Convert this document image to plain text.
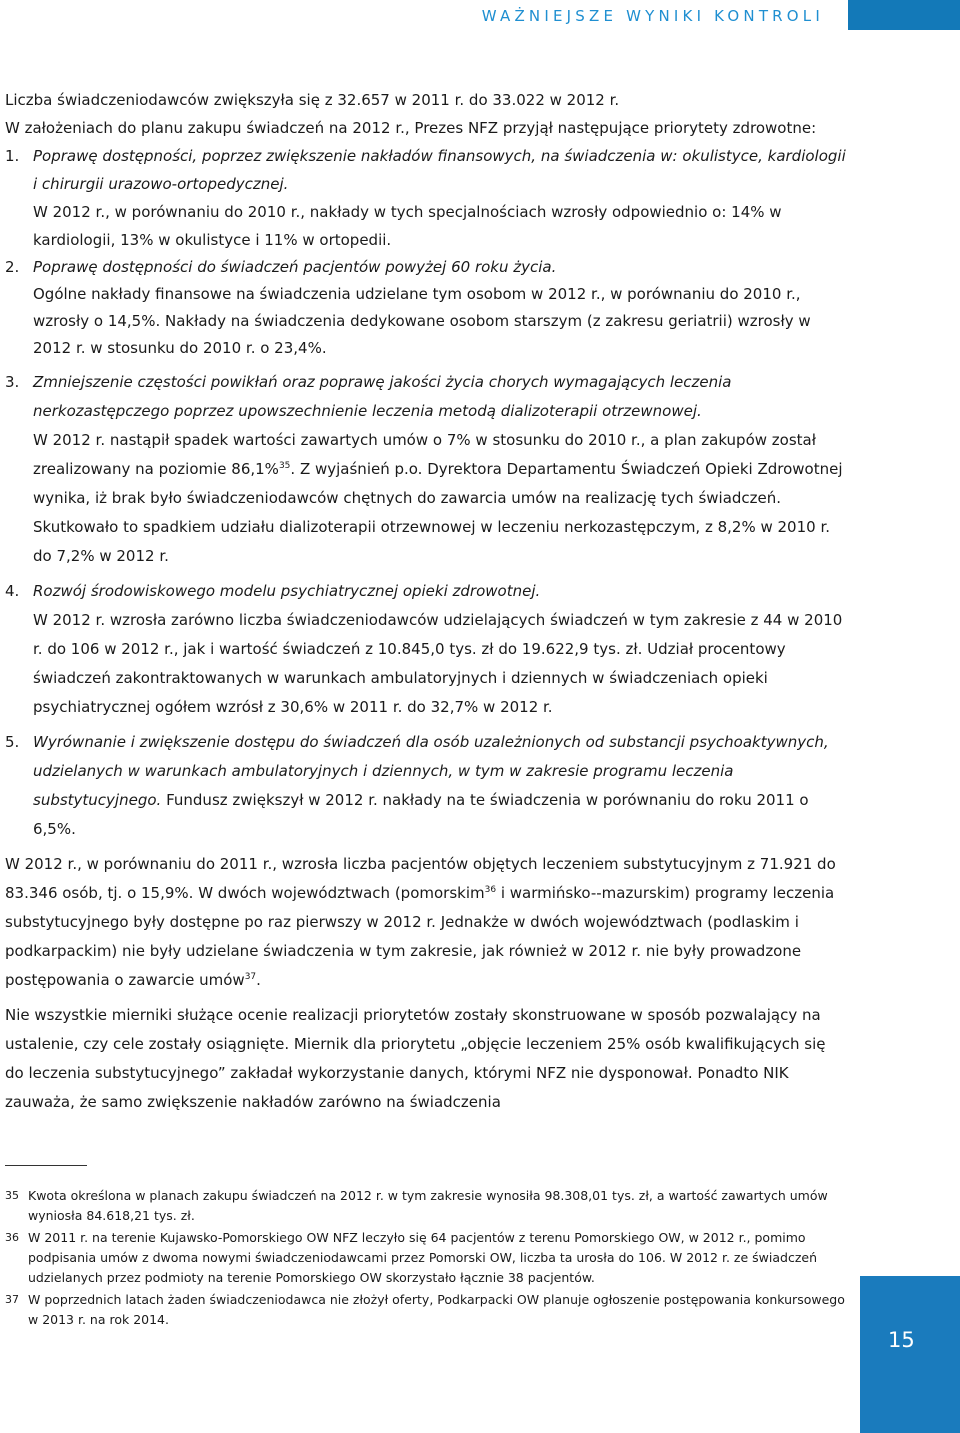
WAŻNIEJSZE WYNIKI KONTROLI

Liczba świadczeniodawców zwiększyła się z 32.657 w 2011 r. do 33.022 w 2012 r.

W założeniach do planu zakupu świadczeń na 2012 r., Prezes NFZ przyjął następujące priorytety zdrowotne:

1. Poprawę dostępności, poprzez zwiększenie nakładów finansowych, na świadczenia w: okulistyce, kardiologii i chirurgii urazowo-ortopedycznej.

W 2012 r., w porównaniu do 2010 r., nakłady w tych specjalnościach wzrosły odpowiednio o: 14% w kardiologii, 13% w okulistyce i 11% w ortopedii.

2. Poprawę dostępności do świadczeń pacjentów powyżej 60 roku życia.

Ogólne nakłady finansowe na świadczenia udzielane tym osobom w 2012 r., w porównaniu do 2010 r., wzrosły o 14,5%. Nakłady na świadczenia dedykowane osobom starszym (z zakresu geriatrii) wzrosły w 2012 r. w stosunku do 2010 r. o 23,4%.

3. Zmniejszenie częstości powikłań oraz poprawę jakości życia chorych wymagających leczenia nerkozastępczego poprzez upowszechnienie leczenia metodą dializoterapii otrzewnowej.

W 2012 r. nastąpił spadek wartości zawartych umów o 7% w stosunku do 2010 r., a plan zakupów został zrealizowany na poziomie 86,1%$^{35}$. Z wyjaśnień p.o. Dyrektora Departamentu Świadczeń Opieki Zdrowotnej wynika, iż brak było świadczeniodawców chętnych do zawarcia umów na realizację tych świadczeń. Skutkowało to spadkiem udziału dializoterapii otrzewnowej w leczeniu nerkozastępczym, z 8,2% w 2010 r. do 7,2% w 2012 r.

4. Rozwój środowiskowego modelu psychiatrycznej opieki zdrowotnej.

W 2012 r. wzrosła zarówno liczba świadczeniodawców udzielających świadczeń w tym zakresie z 44 w 2010 r. do 106 w 2012 r., jak i wartość świadczeń z 10.845,0 tys. zł do 19.622,9 tys. zł. Udział procentowy świadczeń zakontraktowanych w warunkach ambulatoryjnych i dziennych w świadczeniach opieki psychiatrycznej ogółem wzrósł z 30,6% w 2011 r. do 32,7% w 2012 r.

5. Wyrównanie i zwiększenie dostępu do świadczeń dla osób uzależnionych od substancji psychoaktywnych, udzielanych w warunkach ambulatoryjnych i dziennych, w tym w zakresie programu leczenia substytucyjnego. Fundusz zwiększył w 2012 r. nakłady na te świadczenia w porównaniu do roku 2011 o 6,5%.

W 2012 r., w porównaniu do 2011 r., wzrosła liczba pacjentów objętych leczeniem substytucyjnym z 71.921 do 83.346 osób, tj. o 15,9%. W dwóch województwach (pomorskim$^{36}$ i warmińsko--mazurskim) programy leczenia substytucyjnego były dostępne po raz pierwszy w 2012 r. Jednakże w dwóch województwach (podlaskim i podkarpackim) nie były udzielane świadczenia w tym zakresie, jak również w 2012 r. nie były prowadzone postępowania o zawarcie umów$^{37}$.

Nie wszystkie mierniki służące ocenie realizacji priorytetów zostały skonstruowane w sposób pozwalający na ustalenie, czy cele zostały osiągnięte. Miernik dla priorytetu „objęcie leczeniem 25% osób kwalifikujących się do leczenia substytucyjnego” zakładał wykorzystanie danych, którymi NFZ nie dysponował. Ponadto NIK zauważa, że samo zwiększenie nakładów zarówno na świadczenia

35 Kwota określona w planach zakupu świadczeń na 2012 r. w tym zakresie wynosiła 98.308,01 tys. zł, a wartość zawartych umów wyniosła 84.618,21 tys. zł.
36 W 2011 r. na terenie Kujawsko-Pomorskiego OW NFZ leczyło się 64 pacjentów z terenu Pomorskiego OW, w 2012 r., pomimo podpisania umów z dwoma nowymi świadczeniodawcami przez Pomorski OW, liczba ta urosła do 106. W 2012 r. ze świadczeń udzielanych przez podmioty na terenie Pomorskiego OW skorzystało łącznie 38 pacjentów.
37 W poprzednich latach żaden świadczeniodawca nie złożył oferty, Podkarpacki OW planuje ogłoszenie postępowania konkursowego w 2013 r. na rok 2014.
15
